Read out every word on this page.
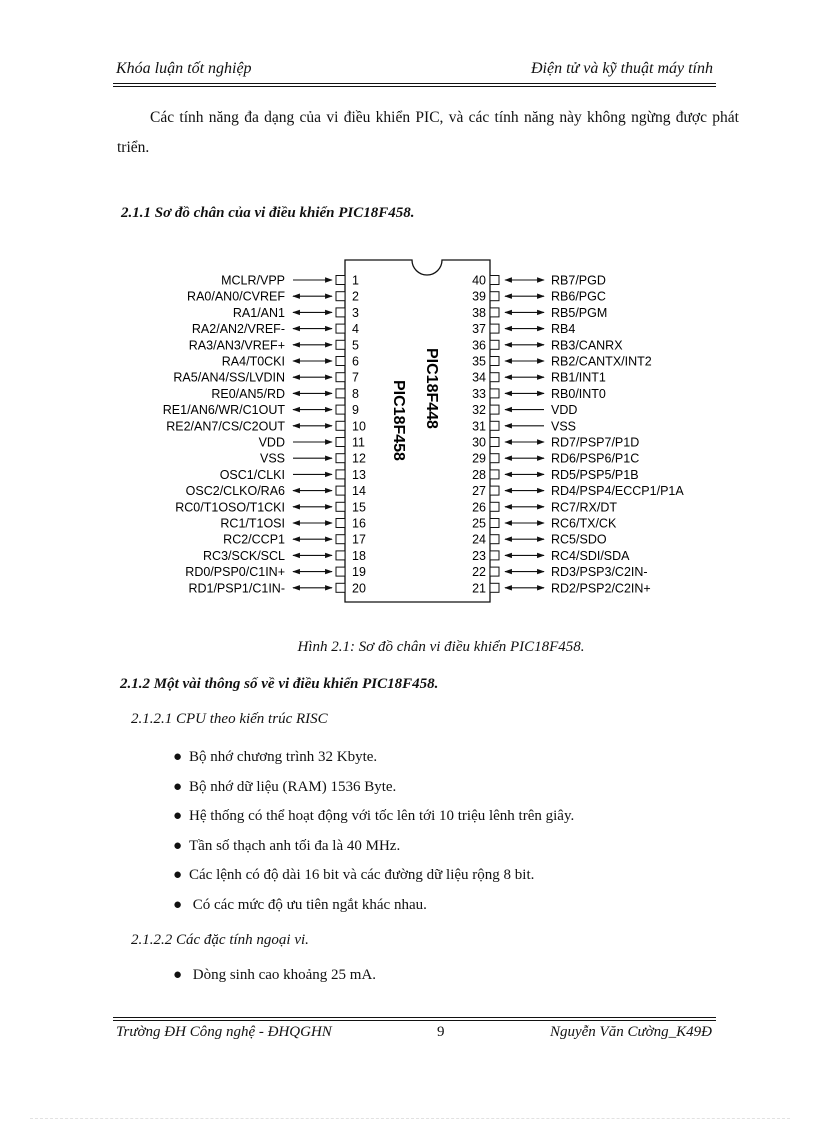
Khóa luận tốt nghiệp	Điện tử và kỹ thuật máy tính
Các tính năng đa dạng của vi điều khiển PIC, và các tính năng này không ngừng được phát triển.
2.1.1 Sơ đồ chân của vi điều khiển PIC18F458.
MCLR/VPP	1
RA0/AN0/CVREF	2
RA1/AN1	3
RA2/AN2/VREF-	4
RA3/AN3/VREF+	5
RA4/T0CKI	6
RA5/AN4/SS/LVDIN	7
RE0/AN5/RD	8
RE1/AN6/WR/C1OUT	9
RE2/AN7/CS/C2OUT	10
VDD	11
VSS	12
OSC1/CLKI	13
OSC2/CLKO/RA6	14
RC0/T1OSO/T1CKI	15
RC1/T1OSI	16
RC2/CCP1	17
RC3/SCK/SCL	18
RD0/PSP0/C1IN+	19
RD1/PSP1/C1IN-	20
40	RB7/PGD
39	RB6/PGC
38	RB5/PGM
37	RB4
36	RB3/CANRX
35	RB2/CANTX/INT2
34	RB1/INT1
33	RB0/INT0
32	VDD
31	VSS
30	RD7/PSP7/P1D
29	RD6/PSP6/P1C
28	RD5/PSP5/P1B
27	RD4/PSP4/ECCP1/P1A
26	RC7/RX/DT
25	RC6/TX/CK
24	RC5/SDO
23	RC4/SDI/SDA
22	RD3/PSP3/C2IN-
21	RD2/PSP2/C2IN+
PIC18F448
PIC18F458
Hình 2.1: Sơ đồ chân vi điều khiển PIC18F458.
2.1.2 Một vài thông số về vi điều khiển PIC18F458.
2.1.2.1 CPU theo kiến trúc RISC
● Bộ nhớ chương trình 32 Kbyte.
● Bộ nhớ dữ liệu (RAM) 1536 Byte.
● Hệ thống có thể hoạt động với tốc lên tới 10 triệu lênh trên giây.
● Tần số thạch anh tối đa là 40 MHz.
● Các lệnh có độ dài 16 bit và các đường dữ liệu rộng 8 bit.
● Có các mức độ ưu tiên ngắt khác nhau.
2.1.2.2 Các đặc tính ngoại vi.
● Dòng sinh cao khoảng 25 mA.
Trường ĐH Công nghệ - ĐHQGHN	9	Nguyễn Văn Cường_K49Đ
